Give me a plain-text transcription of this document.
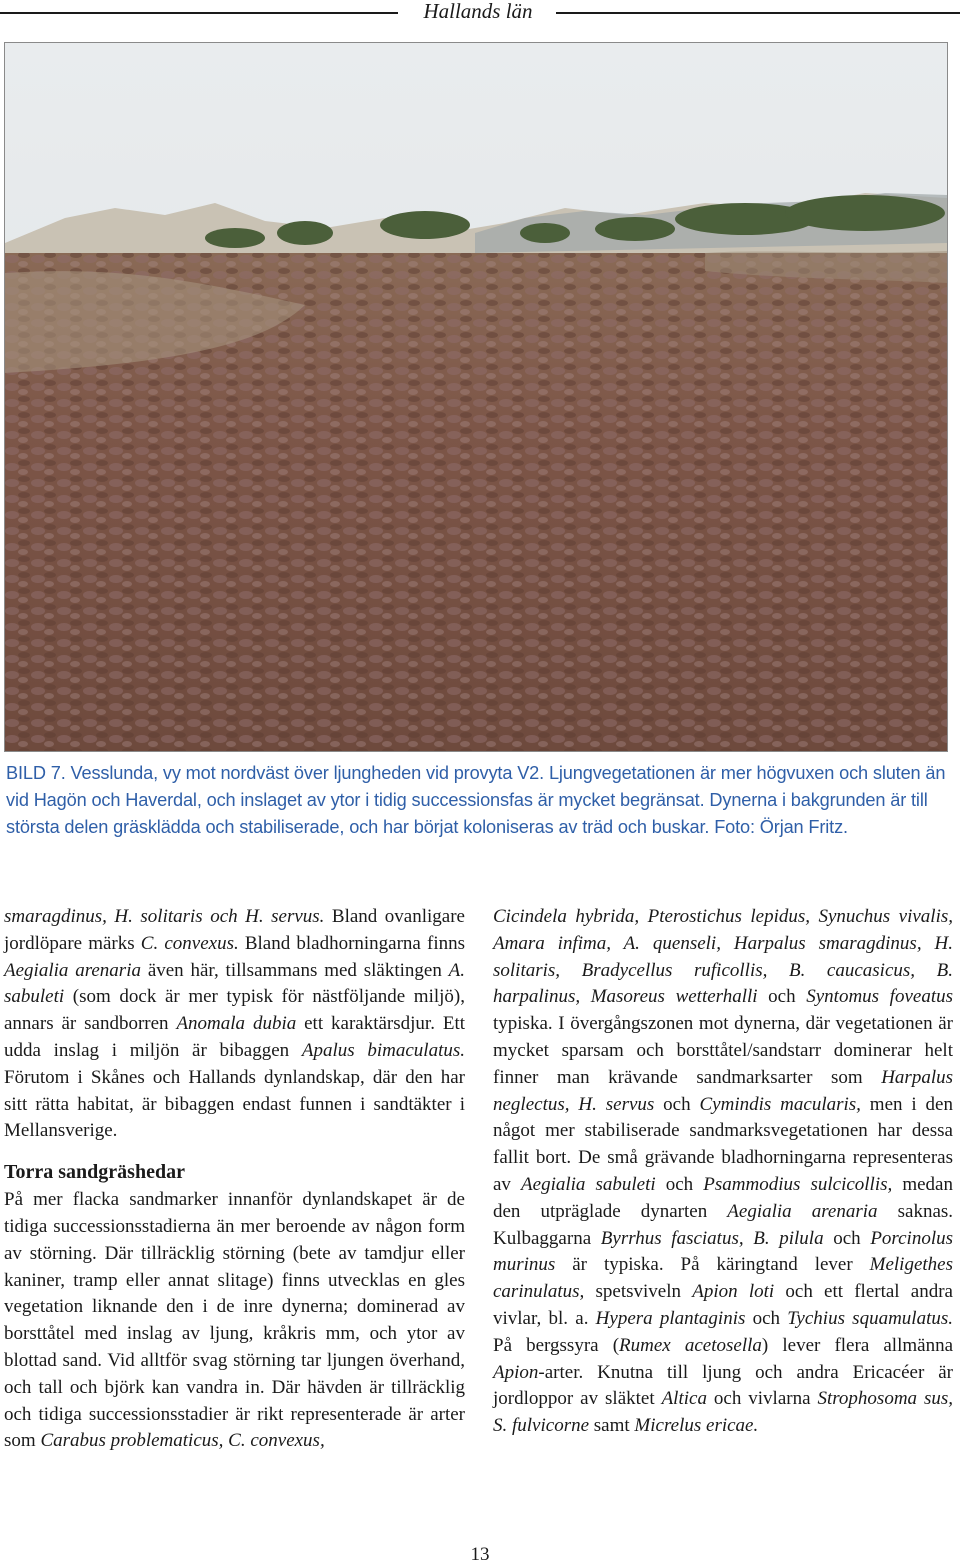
Hallands län
BILD 7. Vesslunda, vy mot nordväst över ljungheden vid provyta V2. Ljungvegetationen är mer högvuxen och sluten än vid Hagön och Haverdal, och inslaget av ytor i tidig successionsfas är mycket begränsat. Dynerna i bakgrunden är till största delen gräsklädda och stabiliserade, och har börjat koloniseras av träd och buskar. Foto: Örjan Fritz.

smaragdinus, H. solitaris och H. servus. Bland ovanligare jordlöpare märks C. convexus. Bland bladhorningarna finns Aegialia arenaria även här, tillsammans med släktingen A. sabuleti (som dock är mer typisk för nästföljande miljö), annars är sandborren Anomala dubia ett karaktärsdjur. Ett udda inslag i miljön är bibaggen Apalus bimaculatus. Förutom i Skånes och Hallands dynlandskap, där den har sitt rätta habitat, är bibaggen endast funnen i sandtäkter i Mellansverige.

Torra sandgräshedar

På mer flacka sandmarker innanför dynlandskapet är de tidiga successionsstadierna än mer beroende av någon form av störning. Där tillräcklig störning (bete av tamdjur eller kaniner, tramp eller annat slitage) finns utvecklas en gles vegetation liknande den i de inre dynerna; dominerad av borsttåtel med inslag av ljung, kråkris mm, och ytor av blottad sand. Vid alltför svag störning tar ljungen överhand, och tall och björk kan vandra in. Där hävden är tillräcklig och tidiga successionsstadier är rikt representerade är arter som Carabus problematicus, C. convexus,

Cicindela hybrida, Pterostichus lepidus, Synuchus vivalis, Amara infima, A. quenseli, Harpalus smaragdinus, H. solitaris, Bradycellus ruficollis, B. caucasicus, B. harpalinus, Masoreus wetterhalli och Syntomus foveatus typiska. I övergångszonen mot dynerna, där vegetationen är mycket sparsam och borsttåtel/sandstarr dominerar helt finner man krävande sandmarksarter som Harpalus neglectus, H. servus och Cymindis macularis, men i den något mer stabiliserade sandmarksvegetationen har dessa fallit bort. De små grävande bladhorningarna representeras av Aegialia sabuleti och Psammodius sulcicollis, medan den utpräglade dynarten Aegialia arenaria saknas. Kulbaggarna Byrrhus fasciatus, B. pilula och Porcinolus murinus är typiska. På käringtand lever Meligethes carinulatus, spetsviveln Apion loti och ett flertal andra vivlar, bl. a. Hypera plantaginis och Tychius squamulatus. På bergssyra (Rumex acetosella) lever flera allmänna Apion-arter. Knutna till ljung och andra Ericacéer är jordloppor av släktet Altica och vivlarna Strophosoma sus, S. fulvicorne samt Micrelus ericae.

13
